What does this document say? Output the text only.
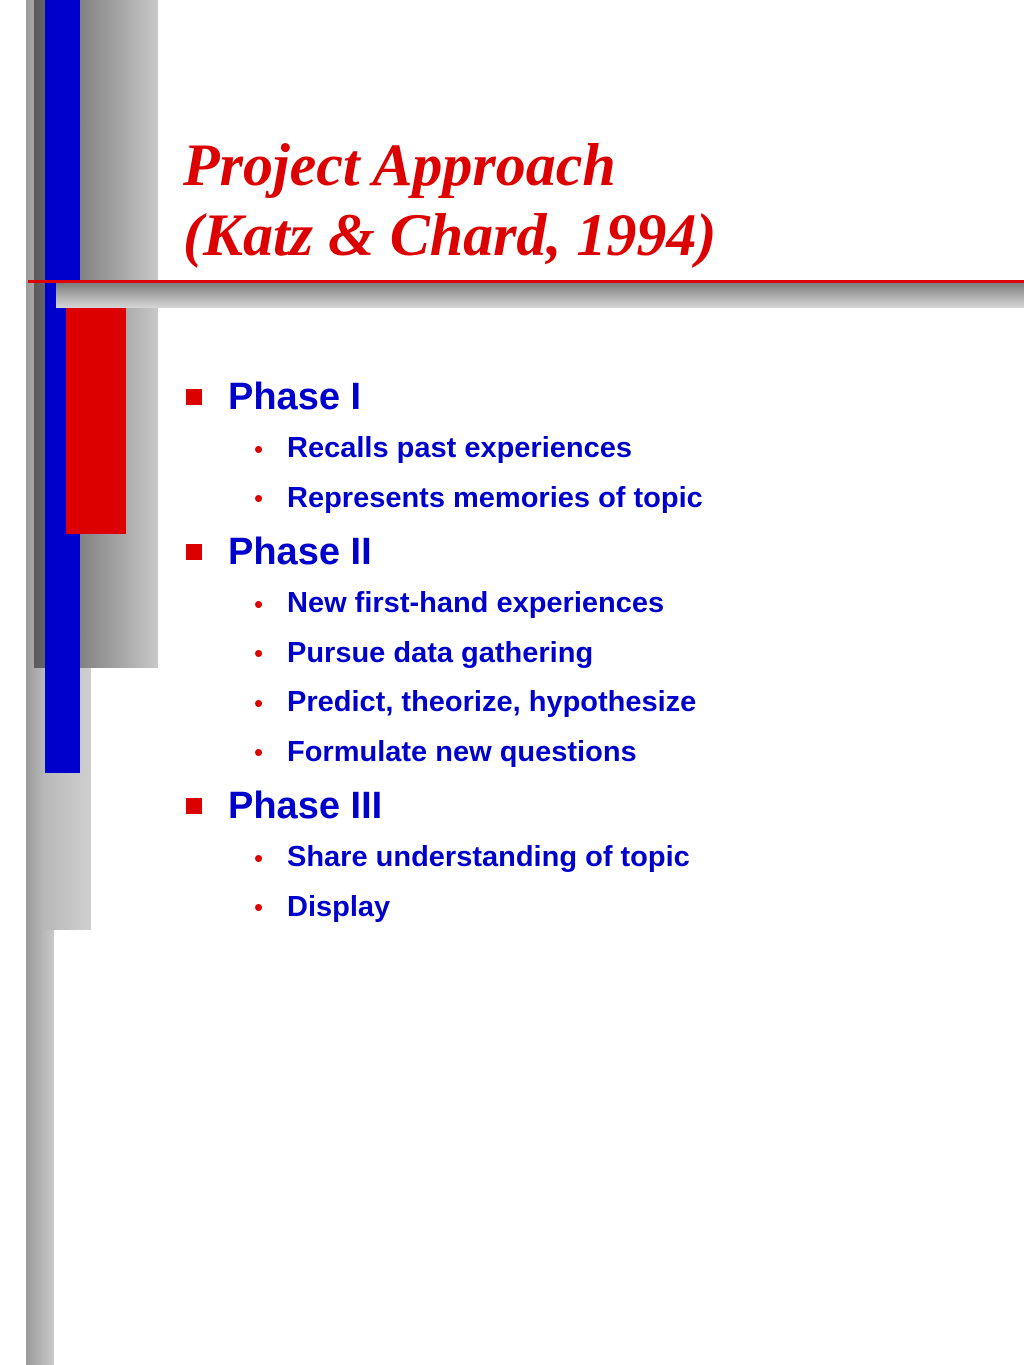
Project Approach
(Katz & Chard, 1994)
Phase I
• Recalls past experiences
• Represents memories of topic
Phase II
• New first-hand experiences
• Pursue data gathering
• Predict, theorize, hypothesize
• Formulate new questions
Phase III
• Share understanding of topic
• Display
